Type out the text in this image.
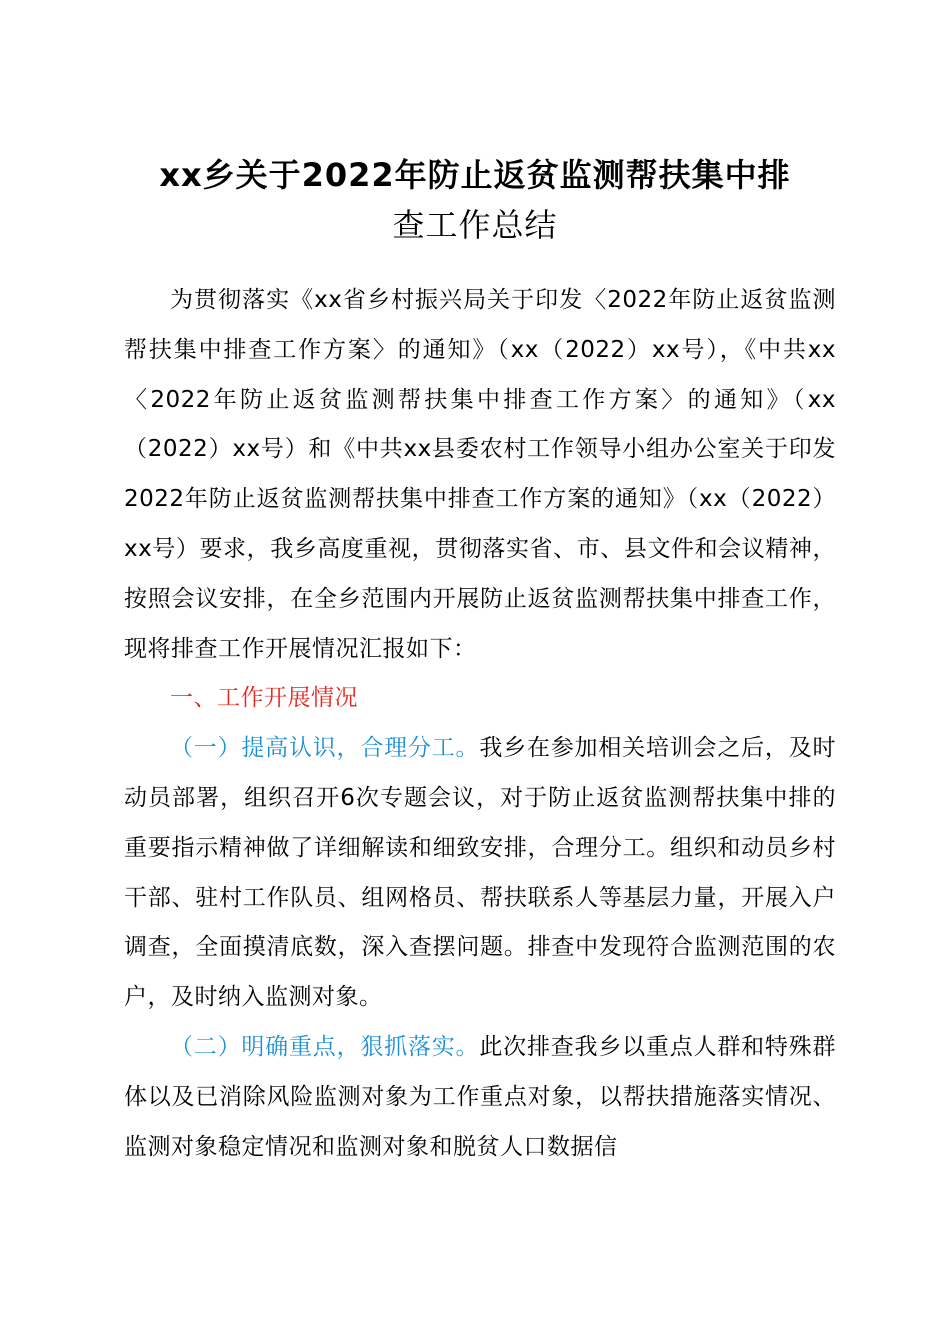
xx乡关于2022年防止返贫监测帮扶集中排
查工作总结

为贯彻落实《xx省乡村振兴局关于印发〈2022年防止返贫监测帮扶集中排查工作方案〉的通知》（xx（2022）xx号），《中共xx〈2022年防止返贫监测帮扶集中排查工作方案〉的通知》（xx（2022）xx号）和《中共xx县委农村工作领导小组办公室关于印发2022年防止返贫监测帮扶集中排查工作方案的通知》（xx（2022）xx号）要求，我乡高度重视，贯彻落实省、市、县文件和会议精神，按照会议安排，在全乡范围内开展防止返贫监测帮扶集中排查工作，现将排查工作开展情况汇报如下：

一、工作开展情况

（一）提高认识，合理分工。我乡在参加相关培训会之后，及时动员部署，组织召开6次专题会议，对于防止返贫监测帮扶集中排的重要指示精神做了详细解读和细致安排，合理分工。组织和动员乡村干部、驻村工作队员、组网格员、帮扶联系人等基层力量，开展入户调查，全面摸清底数，深入查摆问题。排查中发现符合监测范围的农户，及时纳入监测对象。

（二）明确重点，狠抓落实。此次排查我乡以重点人群和特殊群体以及已消除风险监测对象为工作重点对象，以帮扶措施落实情况、监测对象稳定情况和监测对象和脱贫人口数据信
